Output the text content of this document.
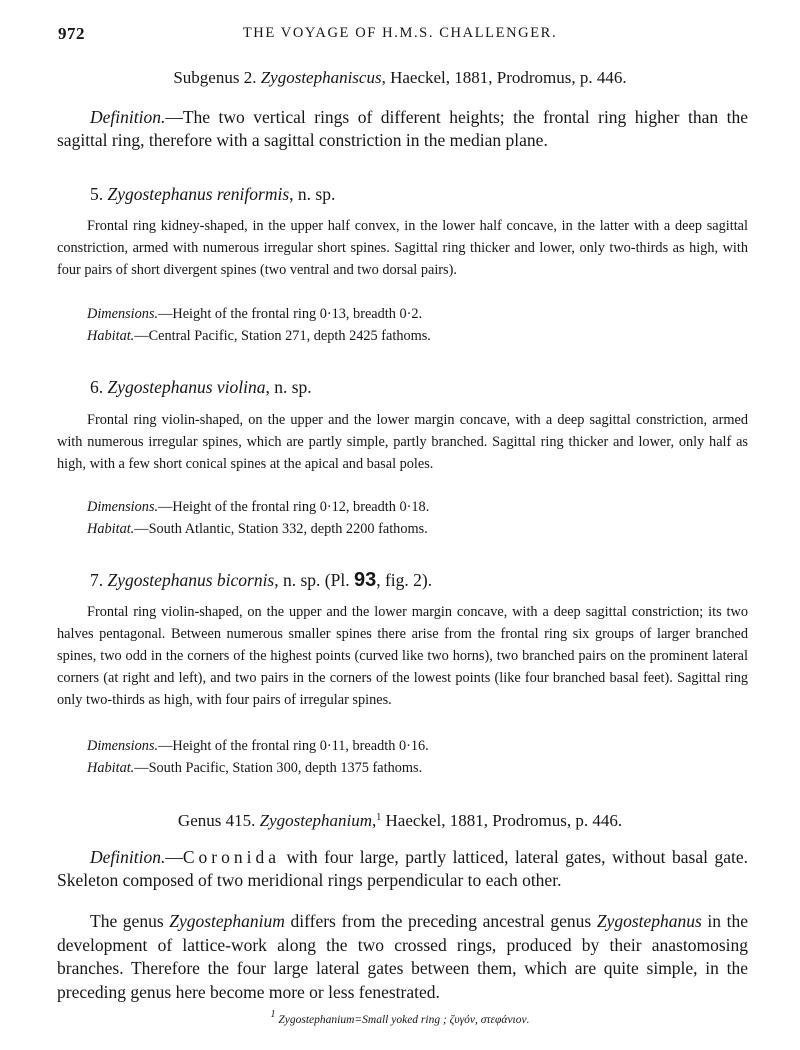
972	THE VOYAGE OF H.M.S. CHALLENGER.
Subgenus 2. Zygostephaniscus, Haeckel, 1881, Prodromus, p. 446.
Definition.—The two vertical rings of different heights; the frontal ring higher than the sagittal ring, therefore with a sagittal constriction in the median plane.
5. Zygostephanus reniformis, n. sp.
Frontal ring kidney-shaped, in the upper half convex, in the lower half concave, in the latter with a deep sagittal constriction, armed with numerous irregular short spines. Sagittal ring thicker and lower, only two-thirds as high, with four pairs of short divergent spines (two ventral and two dorsal pairs).
Dimensions.—Height of the frontal ring 0·13, breadth 0·2.
Habitat.—Central Pacific, Station 271, depth 2425 fathoms.
6. Zygostephanus violina, n. sp.
Frontal ring violin-shaped, on the upper and the lower margin concave, with a deep sagittal constriction, armed with numerous irregular spines, which are partly simple, partly branched. Sagittal ring thicker and lower, only half as high, with a few short conical spines at the apical and basal poles.
Dimensions.—Height of the frontal ring 0·12, breadth 0·18.
Habitat.—South Atlantic, Station 332, depth 2200 fathoms.
7. Zygostephanus bicornis, n. sp. (Pl. 93, fig. 2).
Frontal ring violin-shaped, on the upper and the lower margin concave, with a deep sagittal constriction; its two halves pentagonal. Between numerous smaller spines there arise from the frontal ring six groups of larger branched spines, two odd in the corners of the highest points (curved like two horns), two branched pairs on the prominent lateral corners (at right and left), and two pairs in the corners of the lowest points (like four branched basal feet). Sagittal ring only two-thirds as high, with four pairs of irregular spines.
Dimensions.—Height of the frontal ring 0·11, breadth 0·16.
Habitat.—South Pacific, Station 300, depth 1375 fathoms.
Genus 415. Zygostephanium,$^1$ Haeckel, 1881, Prodromus, p. 446.
Definition.—Coronida with four large, partly latticed, lateral gates, without basal gate. Skeleton composed of two meridional rings perpendicular to each other.
The genus Zygostephanium differs from the preceding ancestral genus Zygostephanus in the development of lattice-work along the two crossed rings, produced by their anastomosing branches. Therefore the four large lateral gates between them, which are quite simple, in the preceding genus here become more or less fenestrated.
$^1$ Zygostephanium=Small yoked ring ; ζυγόν, στεφάνιον.
